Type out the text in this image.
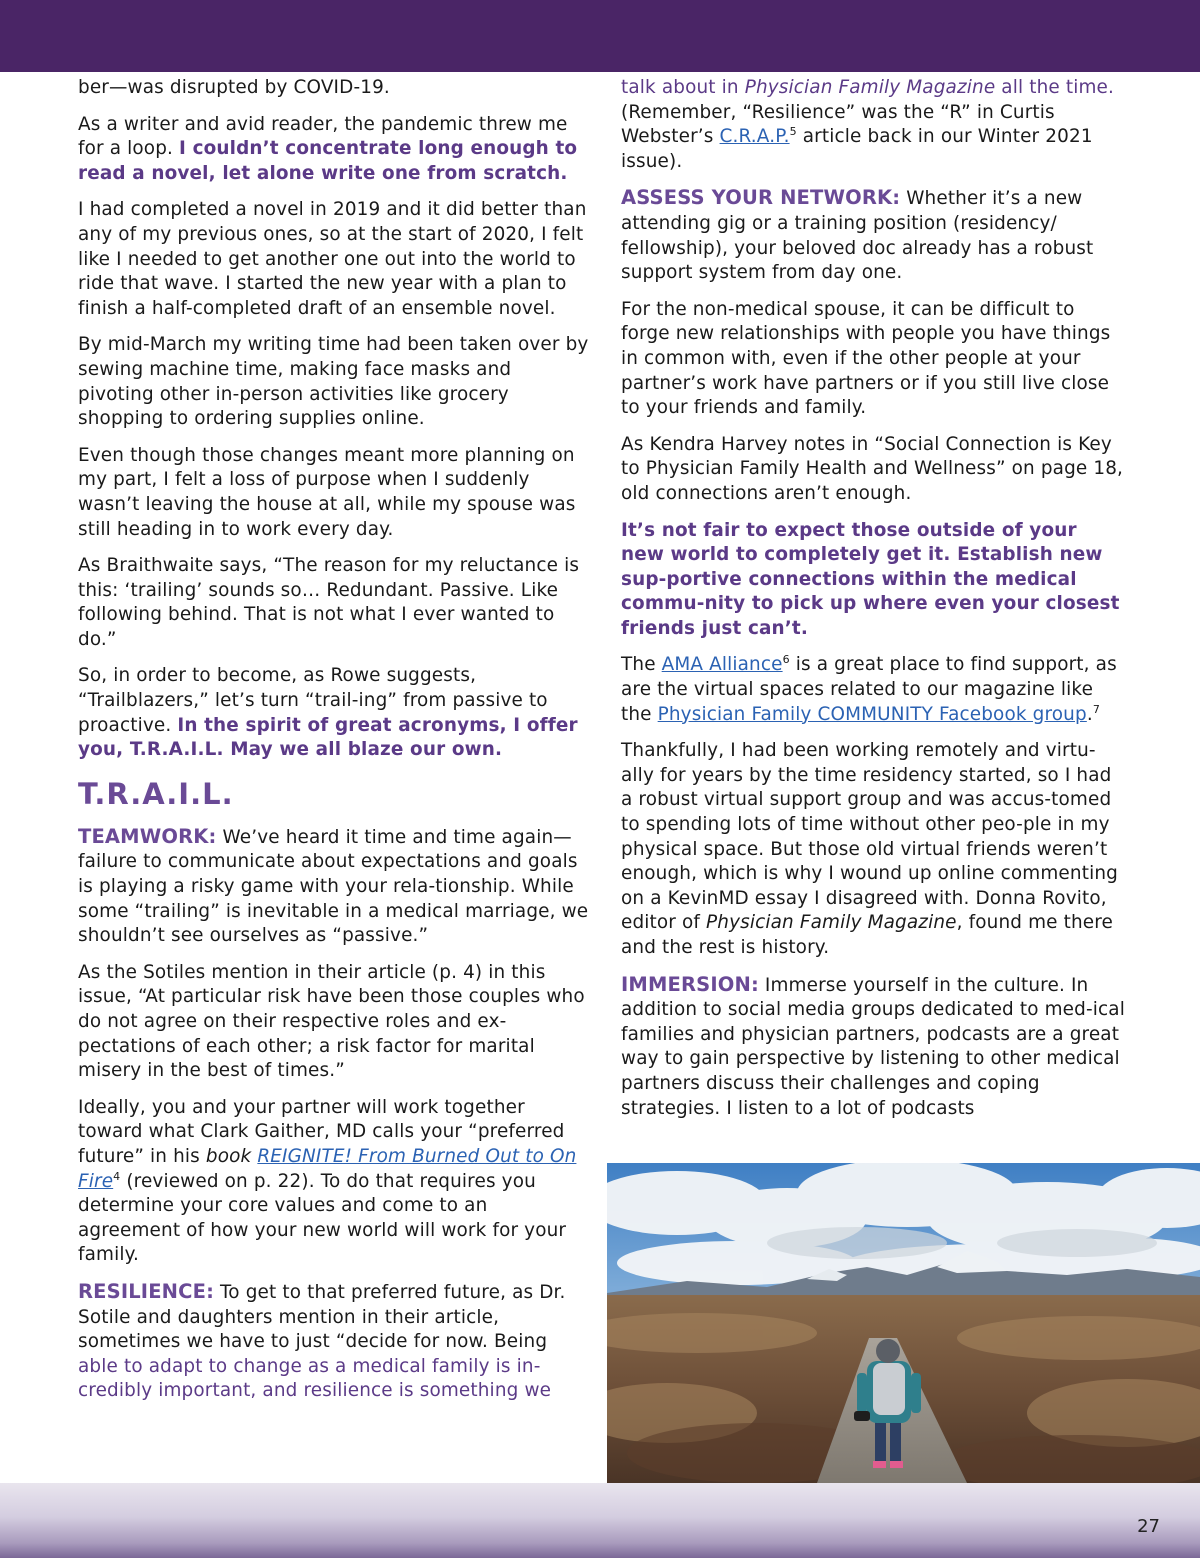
ber—was disrupted by COVID-19.

As a writer and avid reader, the pandemic threw me for a loop. I couldn’t concentrate long enough to read a novel, let alone write one from scratch.

I had completed a novel in 2019 and it did better than any of my previous ones, so at the start of 2020, I felt like I needed to get another one out into the world to ride that wave. I started the new year with a plan to finish a half-completed draft of an ensemble novel.

By mid-March my writing time had been taken over by sewing machine time, making face masks and pivoting other in-person activities like grocery shopping to ordering supplies online.

Even though those changes meant more planning on my part, I felt a loss of purpose when I suddenly wasn’t leaving the house at all, while my spouse was still heading in to work every day.

As Braithwaite says, “The reason for my reluctance is this: ‘trailing’ sounds so… Redundant. Passive. Like following behind. That is not what I ever wanted to do.”

So, in order to become, as Rowe suggests, “Trailblazers,” let’s turn “trail-ing” from passive to proactive. In the spirit of great acronyms, I offer you, T.R.A.I.L. May we all blaze our own.

T.R.A.I.L.

TEAMWORK: We’ve heard it time and time again—failure to communicate about expectations and goals is playing a risky game with your rela-tionship. While some “trailing” is inevitable in a medical marriage, we shouldn’t see ourselves as “passive.”

As the Sotiles mention in their article (p. 4) in this issue, “At particular risk have been those couples who do not agree on their respective roles and ex-pectations of each other; a risk factor for marital misery in the best of times.”

Ideally, you and your partner will work together toward what Clark Gaither, MD calls your “preferred future” in his book REIGNITE! From Burned Out to On Fire$^4$ (reviewed on p. 22). To do that requires you determine your core values and come to an agreement of how your new world will work for your family.

RESILIENCE: To get to that preferred future, as Dr. Sotile and daughters mention in their article, sometimes we have to just “decide for now. Being able to adapt to change as a medical family is in-credibly important, and resilience is something we

talk about in Physician Family Magazine all the time. (Remember, “Resilience” was the “R” in Curtis Webster’s C.R.A.P.$^5$ article back in our Winter 2021 issue).

ASSESS YOUR NETWORK: Whether it’s a new attending gig or a training position (residency/ fellowship), your beloved doc already has a robust support system from day one.

For the non-medical spouse, it can be difficult to forge new relationships with people you have things in common with, even if the other people at your partner’s work have partners or if you still live close to your friends and family.

As Kendra Harvey notes in “Social Connection is Key to Physician Family Health and Wellness” on page 18, old connections aren’t enough.

It’s not fair to expect those outside of your new world to completely get it. Establish new sup-portive connections within the medical commu-nity to pick up where even your closest friends just can’t.

The AMA Alliance$^6$ is a great place to find support, as are the virtual spaces related to our magazine like the Physician Family COMMUNITY Facebook group.$^7$

Thankfully, I had been working remotely and virtu-ally for years by the time residency started, so I had a robust virtual support group and was accus-tomed to spending lots of time without other peo-ple in my physical space. But those old virtual friends weren’t enough, which is why I wound up online commenting on a KevinMD essay I disagreed with. Donna Rovito, editor of Physician Family Magazine, found me there and the rest is history.

IMMERSION: Immerse yourself in the culture. In addition to social media groups dedicated to med-ical families and physician partners, podcasts are a great way to gain perspective by listening to other medical partners discuss their challenges and coping strategies. I listen to a lot of podcasts

27
